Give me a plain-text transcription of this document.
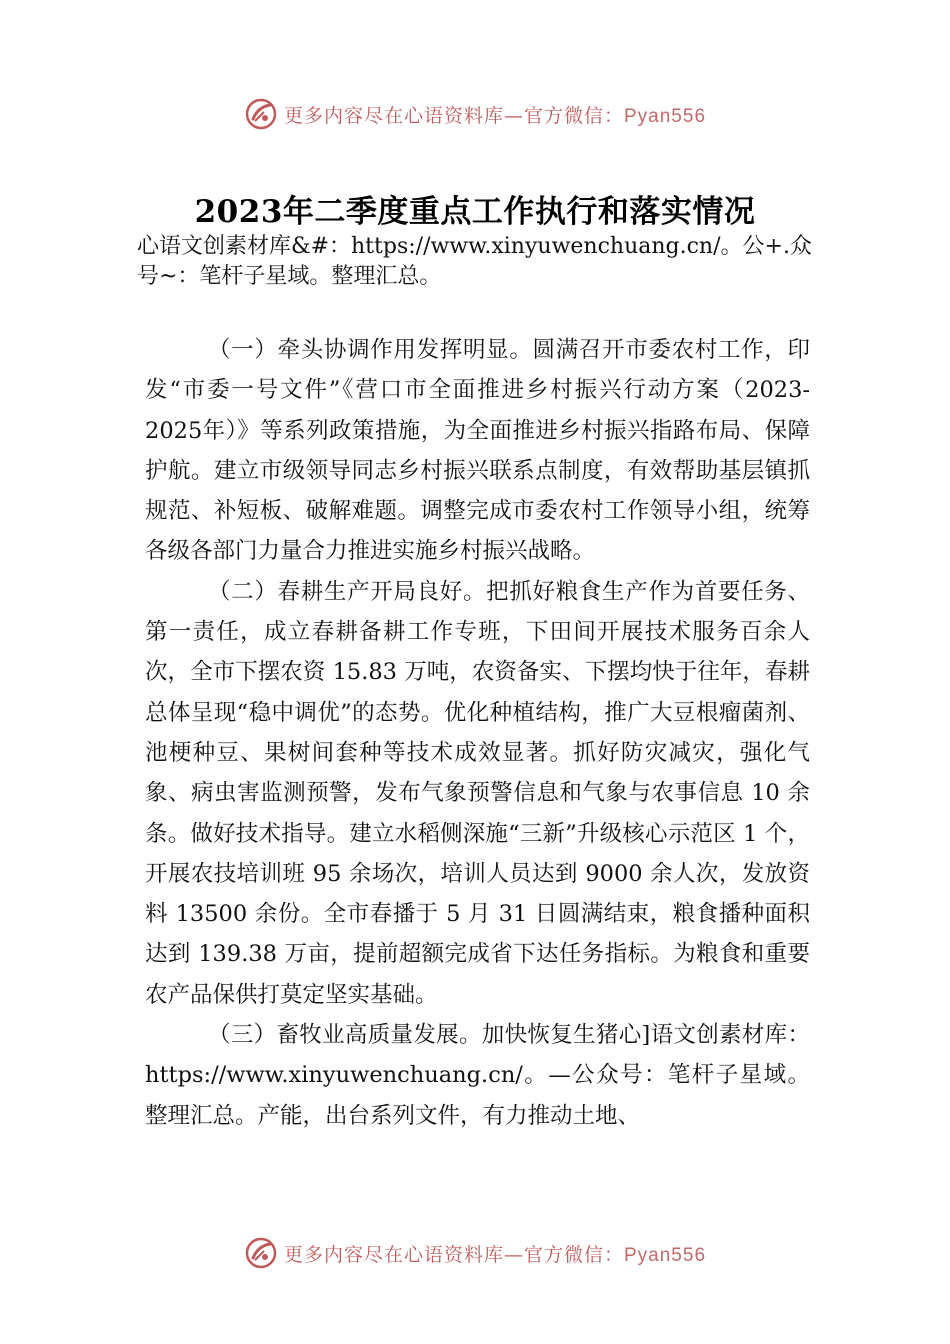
更多内容尽在心语资料库—官方微信：Pyan556
2023年二季度重点工作执行和落实情况
心语文创素材库&#：https://www.xinyuwenchuang.cn/。公+.众号~：笔杆子星域。整理汇总。

（一）牵头协调作用发挥明显。圆满召开市委农村工作，印发“市委一号文件”《营口市全面推进乡村振兴行动方案（2023-2025年）》等系列政策措施，为全面推进乡村振兴指路布局、保障护航。建立市级领导同志乡村振兴联系点制度，有效帮助基层镇抓规范、补短板、破解难题。调整完成市委农村工作领导小组，统筹各级各部门力量合力推进实施乡村振兴战略。

（二）春耕生产开局良好。把抓好粮食生产作为首要任务、第一责任，成立春耕备耕工作专班，下田间开展技术服务百余人次，全市下摆农资 15.83 万吨，农资备实、下摆均快于往年，春耕总体呈现“稳中调优”的态势。优化种植结构，推广大豆根瘤菌剂、池梗种豆、果树间套种等技术成效显著。抓好防灾减灾，强化气象、病虫害监测预警，发布气象预警信息和气象与农事信息 10 余条。做好技术指导。建立水稻侧深施“三新”升级核心示范区 1 个，开展农技培训班 95 余场次，培训人员达到 9000 余人次，发放资料 13500 余份。全市春播于 5 月 31 日圆满结束，粮食播种面积达到 139.38 万亩，提前超额完成省下达任务指标。为粮食和重要农产品保供打莫定坚实基础。

（三）畜牧业高质量发展。加快恢复生猪心]语文创素材库：https://www.xinyuwenchuang.cn/。—公众号：笔杆子星域。整理汇总。产能，出台系列文件，有力推动土地、

更多内容尽在心语资料库—官方微信：Pyan556
